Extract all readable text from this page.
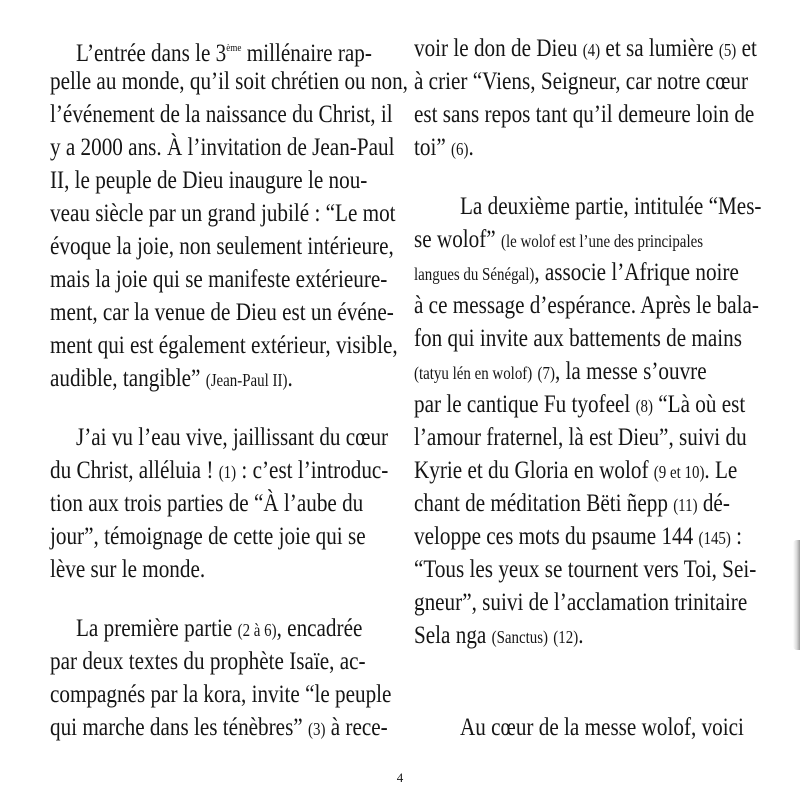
L’entrée dans le 3ème millénaire rap-
pelle au monde, qu’il soit chrétien ou non,
l’événement de la naissance du Christ, il
y a 2000 ans. À l’invitation de Jean-Paul
II, le peuple de Dieu inaugure le nou-
veau siècle par un grand jubilé : “Le mot
évoque la joie, non seulement intérieure,
mais la joie qui se manifeste extérieure-
ment, car la venue de Dieu est un événe-
ment qui est également extérieur, visible,
audible, tangible” (Jean-Paul II).
J’ai vu l’eau vive, jaillissant du cœur
du Christ, alléluia ! (1) : c’est l’introduc-
tion aux trois parties de “À l’aube du
jour”, témoignage de cette joie qui se
lève sur le monde.
La première partie (2 à 6), encadrée
par deux textes du prophète Isaïe, ac-
compagnés par la kora, invite “le peuple
qui marche dans les ténèbres” (3) à rece-
voir le don de Dieu (4) et sa lumière (5) et
à crier “Viens, Seigneur, car notre cœur
est sans repos tant qu’il demeure loin de
toi” (6).
La deuxième partie, intitulée “Mes-
se wolof” (le wolof est l’une des principales
langues du Sénégal), associe l’Afrique noire
à ce message d’espérance. Après le bala-
fon qui invite aux battements de mains
(tatyu lén en wolof) (7), la messe s’ouvre
par le cantique Fu tyofeel (8) “Là où est
l’amour fraternel, là est Dieu”, suivi du
Kyrie et du Gloria en wolof (9 et 10). Le
chant de méditation Bëti ñepp (11) dé-
veloppe ces mots du psaume 144 (145) :
“Tous les yeux se tournent vers Toi, Sei-
gneur”, suivi de l’acclamation trinitaire
Sela nga (Sanctus) (12).
Au cœur de la messe wolof, voici
4
